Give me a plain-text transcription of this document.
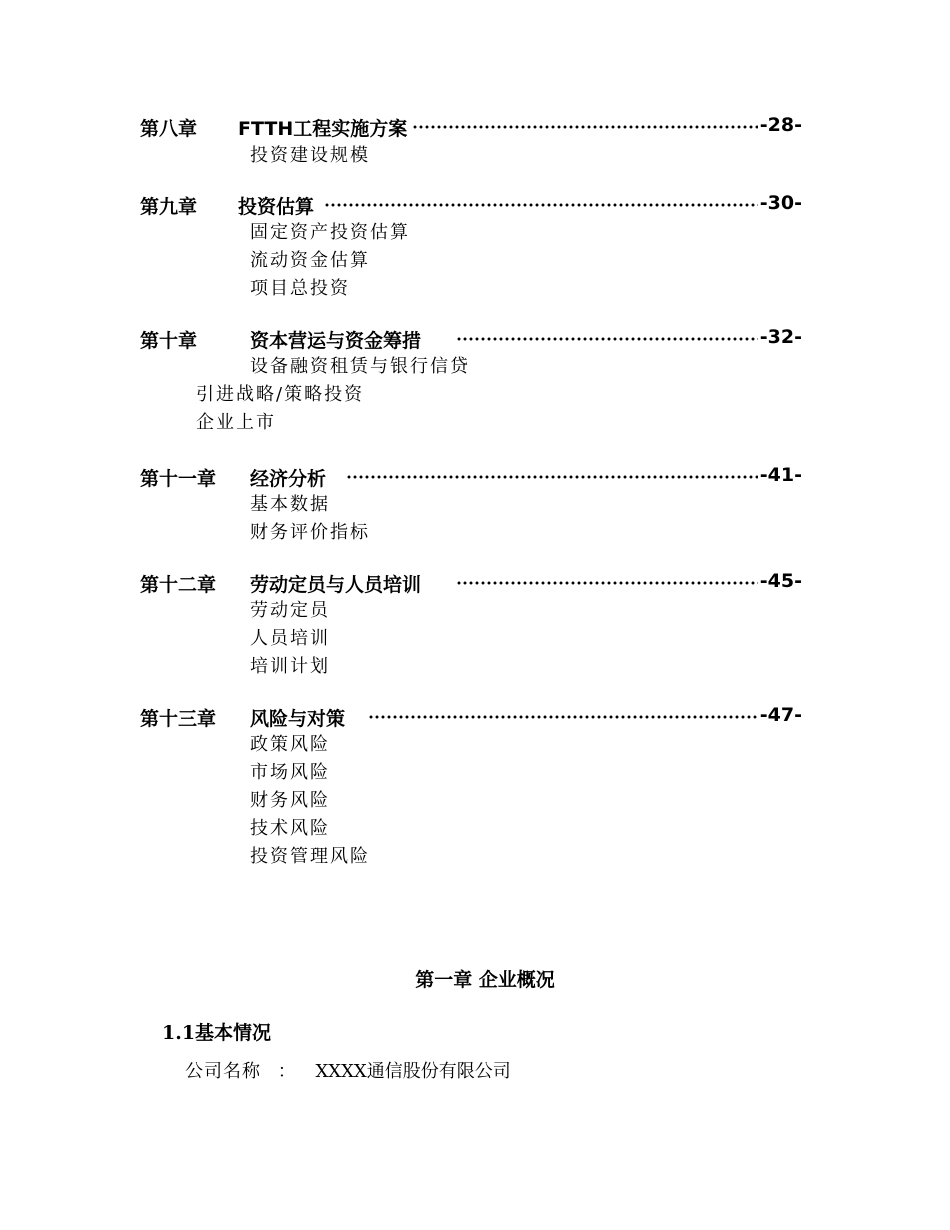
第八章 FTTH工程实施方案	-28-
投资建设规模
第九章 投资估算	-30-
固定资产投资估算
流动资金估算
项目总投资
第十章	资本营运与资金筹措	-32-
设备融资租赁与银行信贷
引进战略/策略投资
企业上市
第十一章 经济分析	-41-
基本数据
财务评价指标
第十二章 劳动定员与人员培训	-45-
劳动定员
人员培训
培训计划
第十三章 风险与对策	-47-
政策风险
市场风险
财务风险
技术风险
投资管理风险
第一章 企业概况
1.1基本情况
公司名称 ： XXXX通信股份有限公司
